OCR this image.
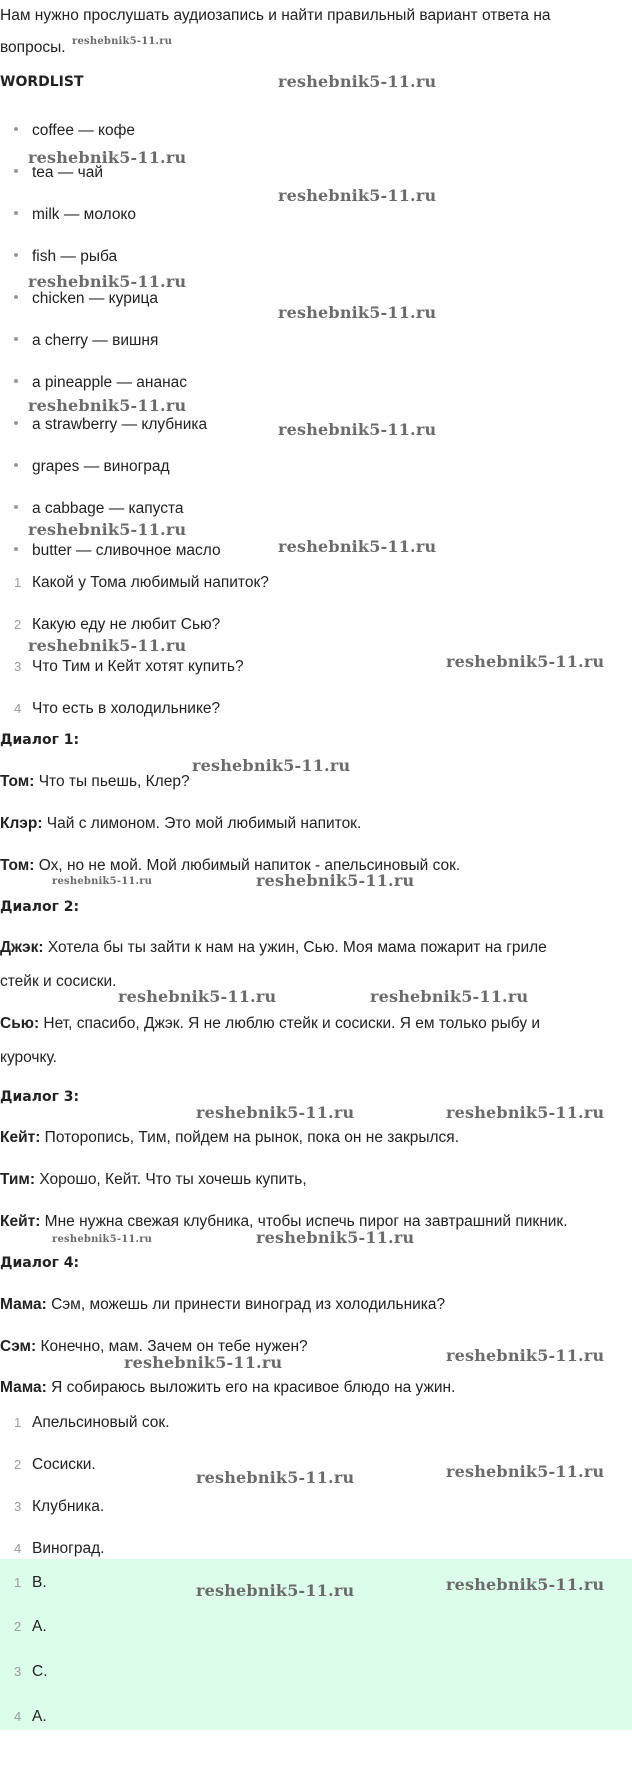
Нам нужно прослушать аудиозапись и найти правильный вариант ответа на
вопросы. reshebnik5-11.ru
WORDLIST	reshebnik5-11.ru
coffee — кофе
tea — чай
milk — молоко
fish — рыба
chicken — курица
a cherry — вишня
a pineapple — ананас
a strawberry — клубника
grapes — виноград
a cabbage — капуста
butter — сливочное масло
reshebnik5-11.ru
reshebnik5-11.ru
reshebnik5-11.ru
reshebnik5-11.ru
reshebnik5-11.ru
reshebnik5-11.ru
reshebnik5-11.ru
reshebnik5-11.ru
1 Какой у Тома любимый напиток?
2 Какую еду не любит Сью?
3 Что Тим и Кейт хотят купить?
4 Что есть в холодильнике?
reshebnik5-11.ru
reshebnik5-11.ru
Диалог 1:
reshebnik5-11.ru
Том: Что ты пьешь, Клер?
Клэр: Чай с лимоном. Это мой любимый напиток.
Том: Ох, но не мой. Мой любимый напиток - апельсиновый сок.
reshebnik5-11.ru	reshebnik5-11.ru
Диалог 2:
Джэк: Хотела бы ты зайти к нам на ужин, Сью. Моя мама пожарит на гриле
стейк и сосиски.
reshebnik5-11.ru	reshebnik5-11.ru
Сью: Нет, спасибо, Джэк. Я не люблю стейк и сосиски. Я ем только рыбу и
курочку.
Диалог 3:
reshebnik5-11.ru	reshebnik5-11.ru
Кейт: Поторопись, Тим, пойдем на рынок, пока он не закрылся.
Тим: Хорошо, Кейт. Что ты хочешь купить,
Кейт: Мне нужна свежая клубника, чтобы испечь пирог на завтрашний пикник.
reshebnik5-11.ru	reshebnik5-11.ru
Диалог 4:
Мама: Сэм, можешь ли принести виноград из холодильника?
Сэм: Конечно, мам. Зачем он тебе нужен?
reshebnik5-11.ru	reshebnik5-11.ru
Мама: Я собираюсь выложить его на красивое блюдо на ужин.
1 Апельсиновый сок.
2 Сосиски.
3 Клубника.
4 Виноград.
reshebnik5-11.ru	reshebnik5-11.ru
1 B.
2 A.
3 C.
4 A.
reshebnik5-11.ru	reshebnik5-11.ru
